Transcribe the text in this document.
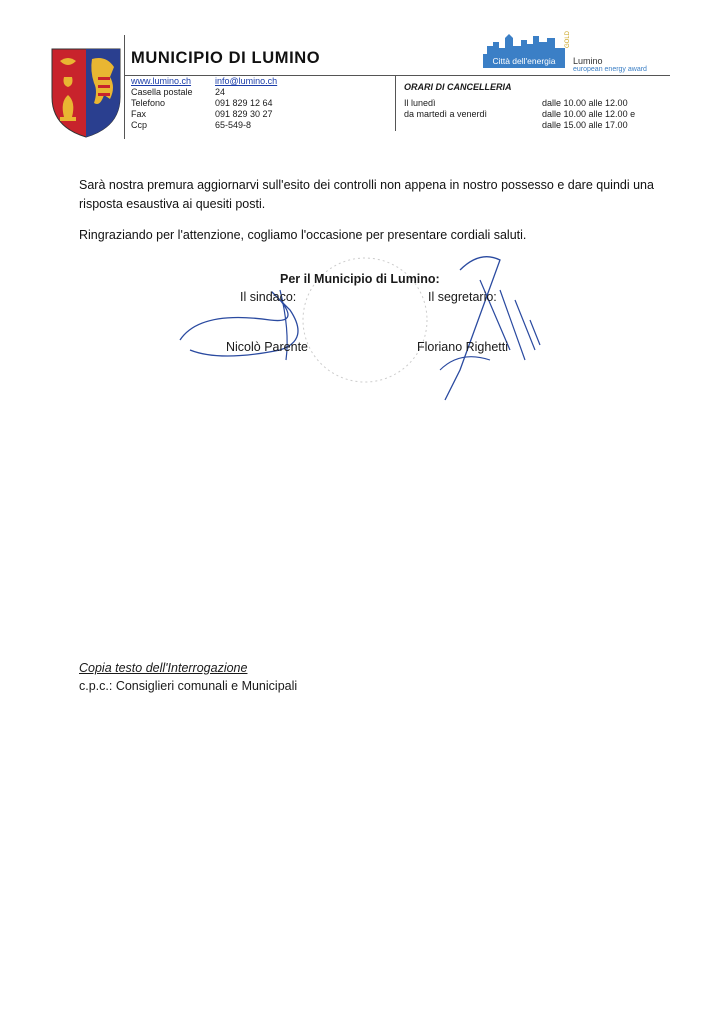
MUNICIPIO DI LUMINO
www.lumino.ch	info@lumino.ch
Casella postale	24
Telefono	091 829 12 64
Fax	091 829 30 27
Ccp	65-549-8
ORARI DI CANCELLERIA
Il lunedì	dalle 10.00 alle 12.00
da martedì a venerdì	dalle 10.00 alle 12.00 e
dalle 15.00 alle 17.00
Città dell'energia	Lumino
european energy award
GOLD
Sarà nostra premura aggiornarvi sull'esito dei controlli non appena in nostro possesso e dare quindi una risposta esaustiva ai quesiti posti.
Ringraziando per l'attenzione, cogliamo l'occasione per presentare cordiali saluti.
Per il Municipio di Lumino:
Il sindaco:	Il segretario:
Nicolò Parente	Floriano Righetti
Copia testo dell'Interrogazione
c.p.c.: Consiglieri comunali e Municipali
